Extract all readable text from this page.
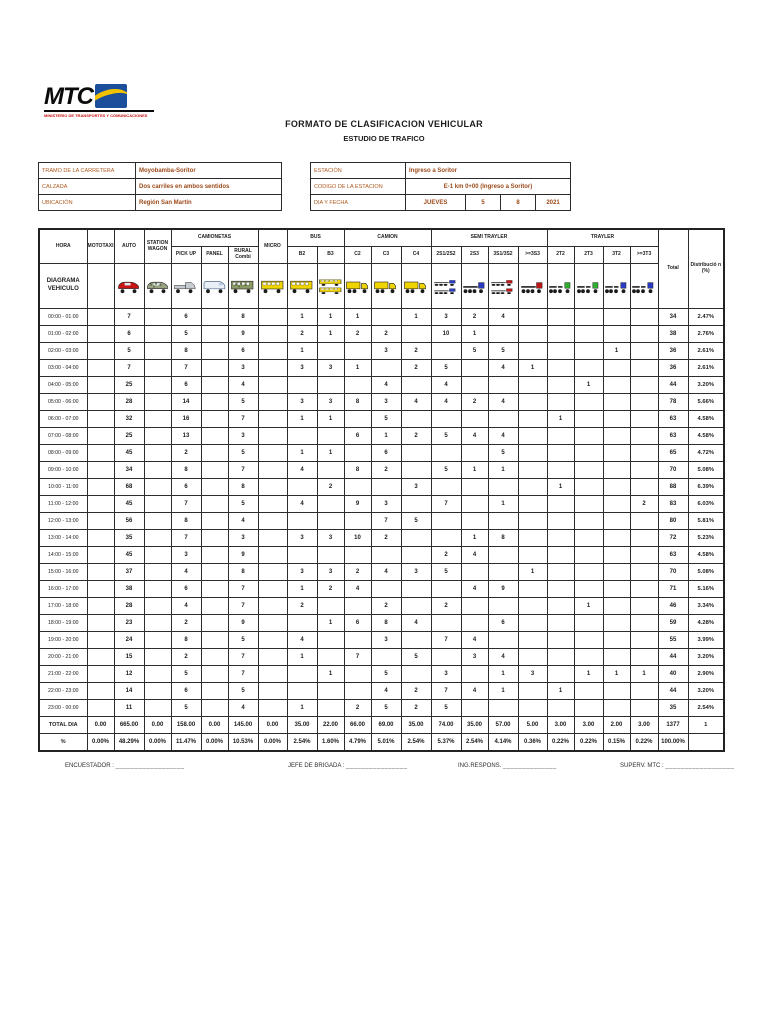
MTC
MINISTERIO DE TRANSPORTES Y COMUNICACIONES
FORMATO DE CLASIFICACION VEHICULAR
ESTUDIO DE TRAFICO
TRAMO DE LA CARRETERA	Moyobamba-Soritor
CALZADA	Dos carriles en ambos sentidos
UBICACIÓN	Región San Martín
ESTACIÓN	Ingreso a Soritor			
CODIGO DE LA ESTACION	E-1 km 0+00 (Ingreso a Soritor)			
DIA Y FECHA	JUEVES	5	8	2021
HORA	MOTOTAXI	AUTO	STATION WAGON	CAMIONETAS			MICRO	BUS		CAMION			SEMI TRAYLER				TRAYLER				Total	Distribució n (%)
				PICK UP	PANEL	RURAL Combi		B2	B3	C2	C3	C4	2S1/2S2	2S3	3S1/3S2	>=3S3	2T2	2T3	3T2	>=3T3		
DIAGRAMA VEHICULO		

00:00 - 01:00		7		6		8		1	1	1		1	3	2	4						34	2.47%
01:00 - 02:00		6		5		9		2	1	2	2		10	1							38	2.76%
02:00 - 03:00		5		8		6		1			3	2		5	5				1		36	2.61%
03:00 - 04:00		7		7		3		3	3	1		2	5		4	1					36	2.61%
04:00 - 05:00		25		6		4					4		4					1			44	3.20%
05:00 - 06:00		28		14		5		3	3	8	3	4	4	2	4						78	5.66%
06:00 - 07:00		32		16		7		1	1		5						1				63	4.58%
07:00 - 08:00		25		13		3				6	1	2	5	4	4						63	4.58%
08:00 - 09:00		45		2		5		1	1		6				5						65	4.72%
09:00 - 10:00		34		8		7		4		8	2		5	1	1						70	5.08%
10:00 - 11:00		68		6		8			2			3					1				88	6.39%
11:00 - 12:00		45		7		5		4		9	3		7		1					2	83	6.03%
12:00 - 13:00		56		8		4					7	5									80	5.81%
13:00 - 14:00		35		7		3		3	3	10	2			1	8						72	5.23%
14:00 - 15:00		45		3		9							2	4							63	4.58%
15:00 - 16:00		37		4		8		3	3	2	4	3	5			1					70	5.08%
16:00 - 17:00		38		6		7		1	2	4				4	9						71	5.16%
17:00 - 18:00		28		4		7		2			2		2					1			46	3.34%
18:00 - 19:00		23		2		9			1	6	8	4			6						59	4.28%
19:00 - 20:00		24		8		5		4			3		7	4							55	3.99%
20:00 - 21:00		15		2		7		1		7		5		3	4						44	3.20%
21:00 - 22:00		12		5		7			1		5		3		1	3		1	1	1	40	2.90%
22:00 - 23:00		14		6		5					4	2	7	4	1		1				44	3.20%
23:00 - 00:00		11		5		4		1		2	5	2	5								35	2.54%
TOTAL DIA	0.00	665.00	0.00	158.00	0.00	145.00	0.00	35.00	22.00	66.00	69.00	35.00	74.00	35.00	57.00	5.00	3.00	3.00	2.00	3.00	1377	1
%	0.00%	48.29%	0.00%	11.47%	0.00%	10.53%	0.00%	2.54%	1.60%	4.79%	5.01%	2.54%	5.37%	2.54%	4.14%	0.36%	0.22%	0.22%	0.15%	0.22%	100.00%	
ENCUESTADOR : __________________	JEFE DE BRIGADA : ________________	ING.RESPONS. ______________	SUPERV. MTC : __________________
